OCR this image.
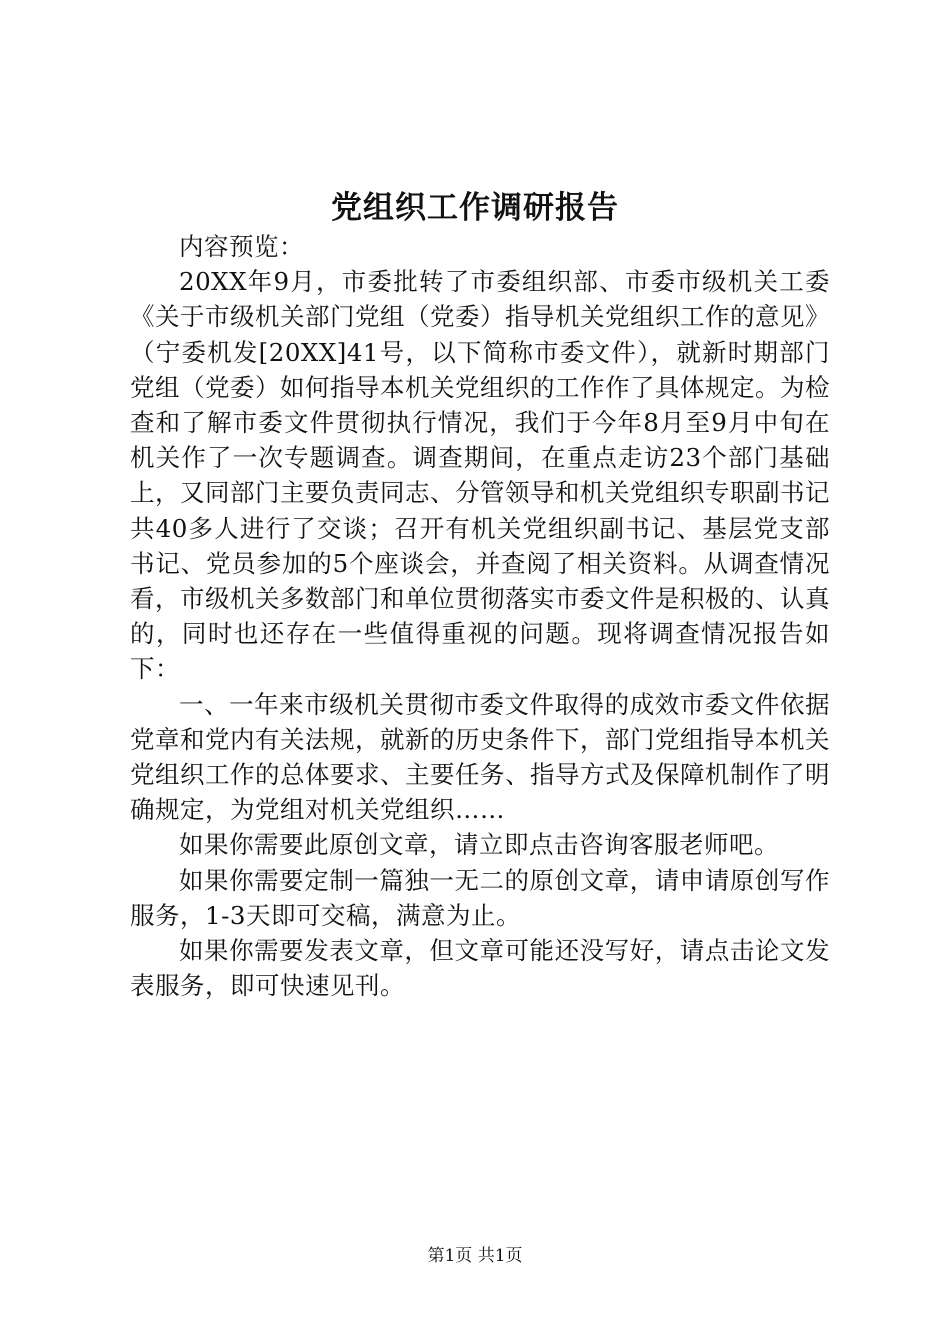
党组织工作调研报告

内容预览：

20XX年9月，市委批转了市委组织部、市委市级机关工委《关于市级机关部门党组（党委）指导机关党组织工作的意见》（宁委机发[20XX]41号，以下简称市委文件），就新时期部门党组（党委）如何指导本机关党组织的工作作了具体规定。为检查和了解市委文件贯彻执行情况，我们于今年8月至9月中旬在机关作了一次专题调查。调查期间，在重点走访23个部门基础上，又同部门主要负责同志、分管领导和机关党组织专职副书记共40多人进行了交谈；召开有机关党组织副书记、基层党支部书记、党员参加的5个座谈会，并查阅了相关资料。从调查情况看，市级机关多数部门和单位贯彻落实市委文件是积极的、认真的，同时也还存在一些值得重视的问题。现将调查情况报告如下：

一、一年来市级机关贯彻市委文件取得的成效市委文件依据党章和党内有关法规，就新的历史条件下，部门党组指导本机关党组织工作的总体要求、主要任务、指导方式及保障机制作了明确规定，为党组对机关党组织……

如果你需要此原创文章，请立即点击咨询客服老师吧。

如果你需要定制一篇独一无二的原创文章，请申请原创写作服务，1-3天即可交稿，满意为止。

如果你需要发表文章，但文章可能还没写好，请点击论文发表服务，即可快速见刊。

第1页 共1页
